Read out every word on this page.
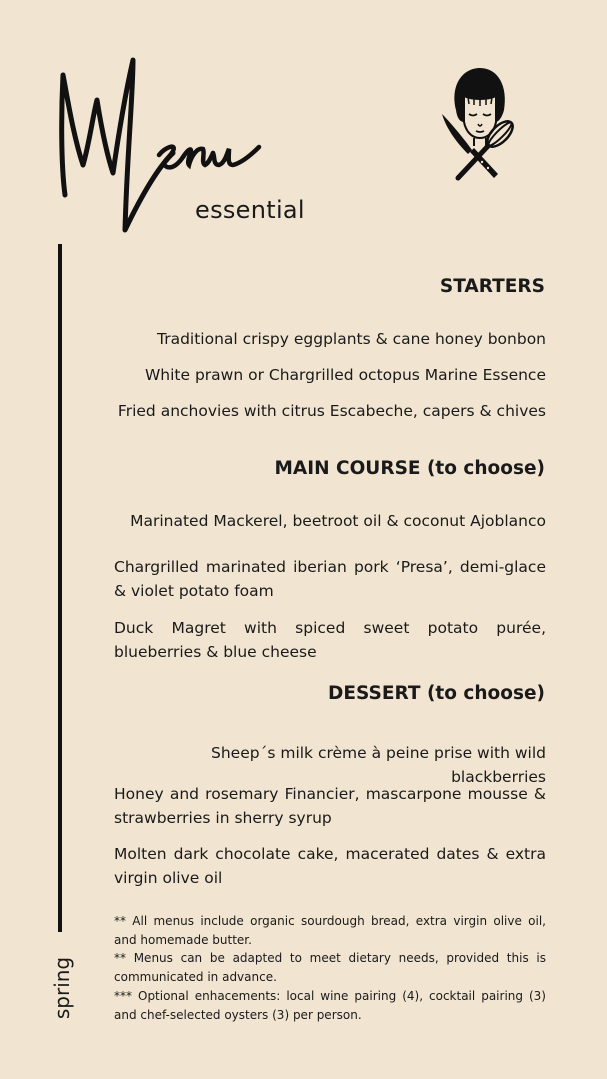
essential
spring
STARTERS
Traditional crispy eggplants & cane honey bonbon
White prawn or Chargrilled octopus Marine Essence
Fried anchovies with citrus Escabeche, capers & chives
MAIN COURSE (to choose)
Marinated Mackerel, beetroot oil & coconut Ajoblanco
Chargrilled marinated iberian pork ‘Presa’, demi-glace & violet potato foam
Duck Magret with spiced sweet potato purée, blueberries & blue cheese
DESSERT (to choose)
Sheep´s milk crème à peine prise with wild blackberries
Honey and rosemary Financier, mascarpone mousse & strawberries in sherry syrup
Molten dark chocolate cake, macerated dates & extra virgin olive oil

** All menus include organic sourdough bread, extra virgin olive oil, and homemade butter.

** Menus can be adapted to meet dietary needs, provided this is communicated in advance.

*** Optional enhacements: local wine pairing (4), cocktail pairing (3) and chef-selected oysters (3) per person.
